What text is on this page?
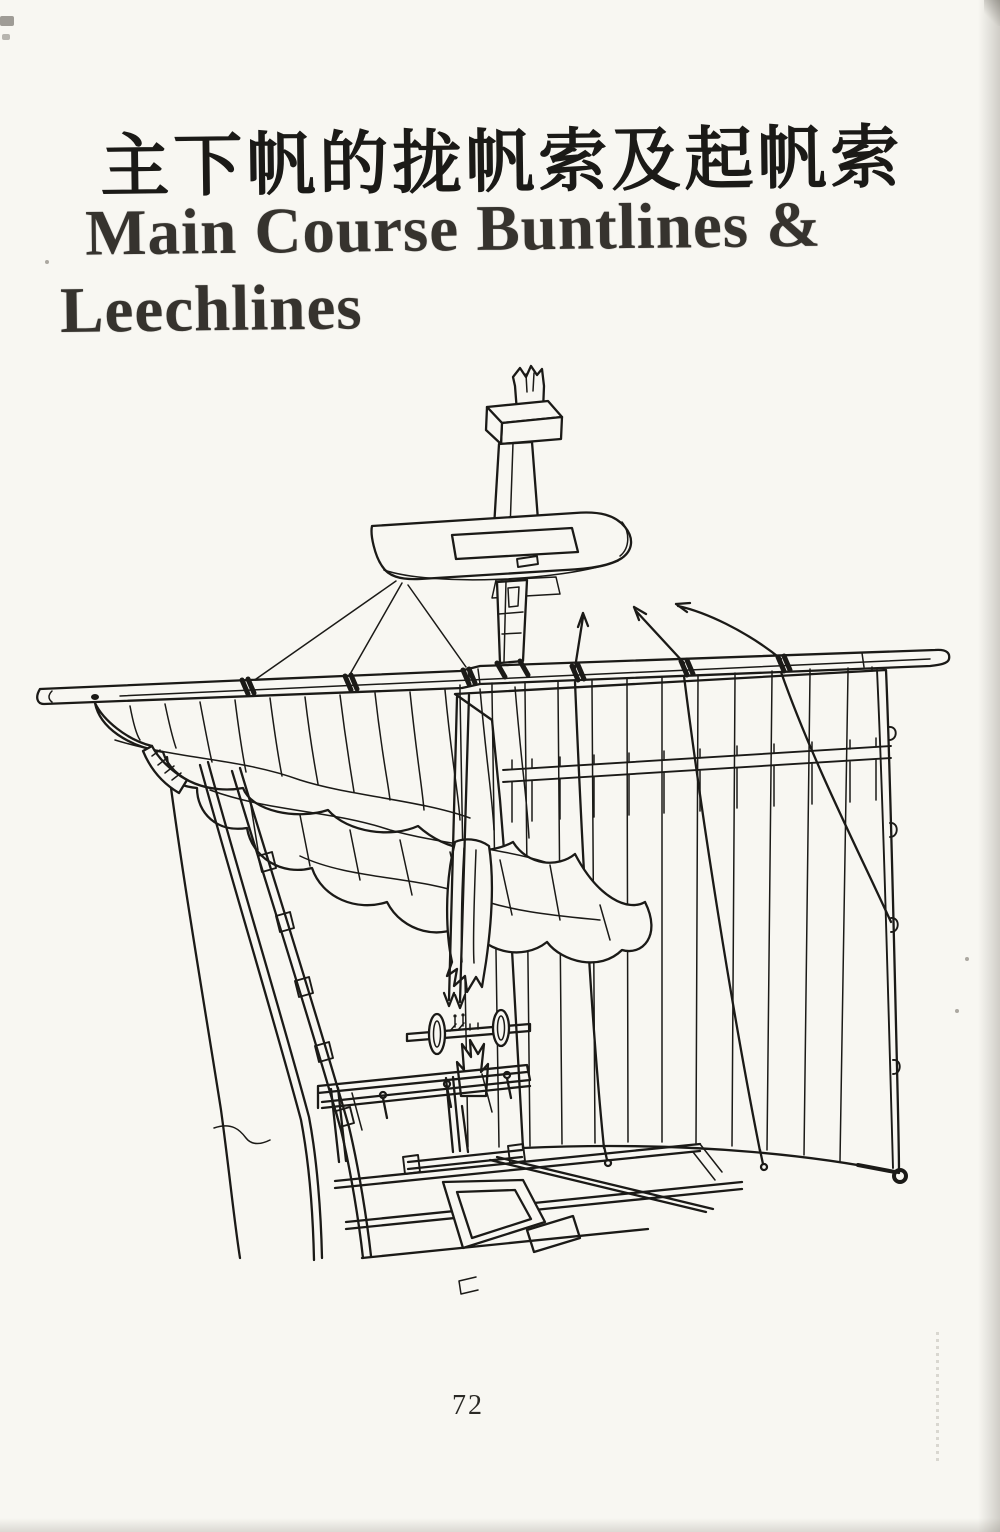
主下帆的拢帆索及起帆索
Main Course Buntlines &
Leechlines
72
